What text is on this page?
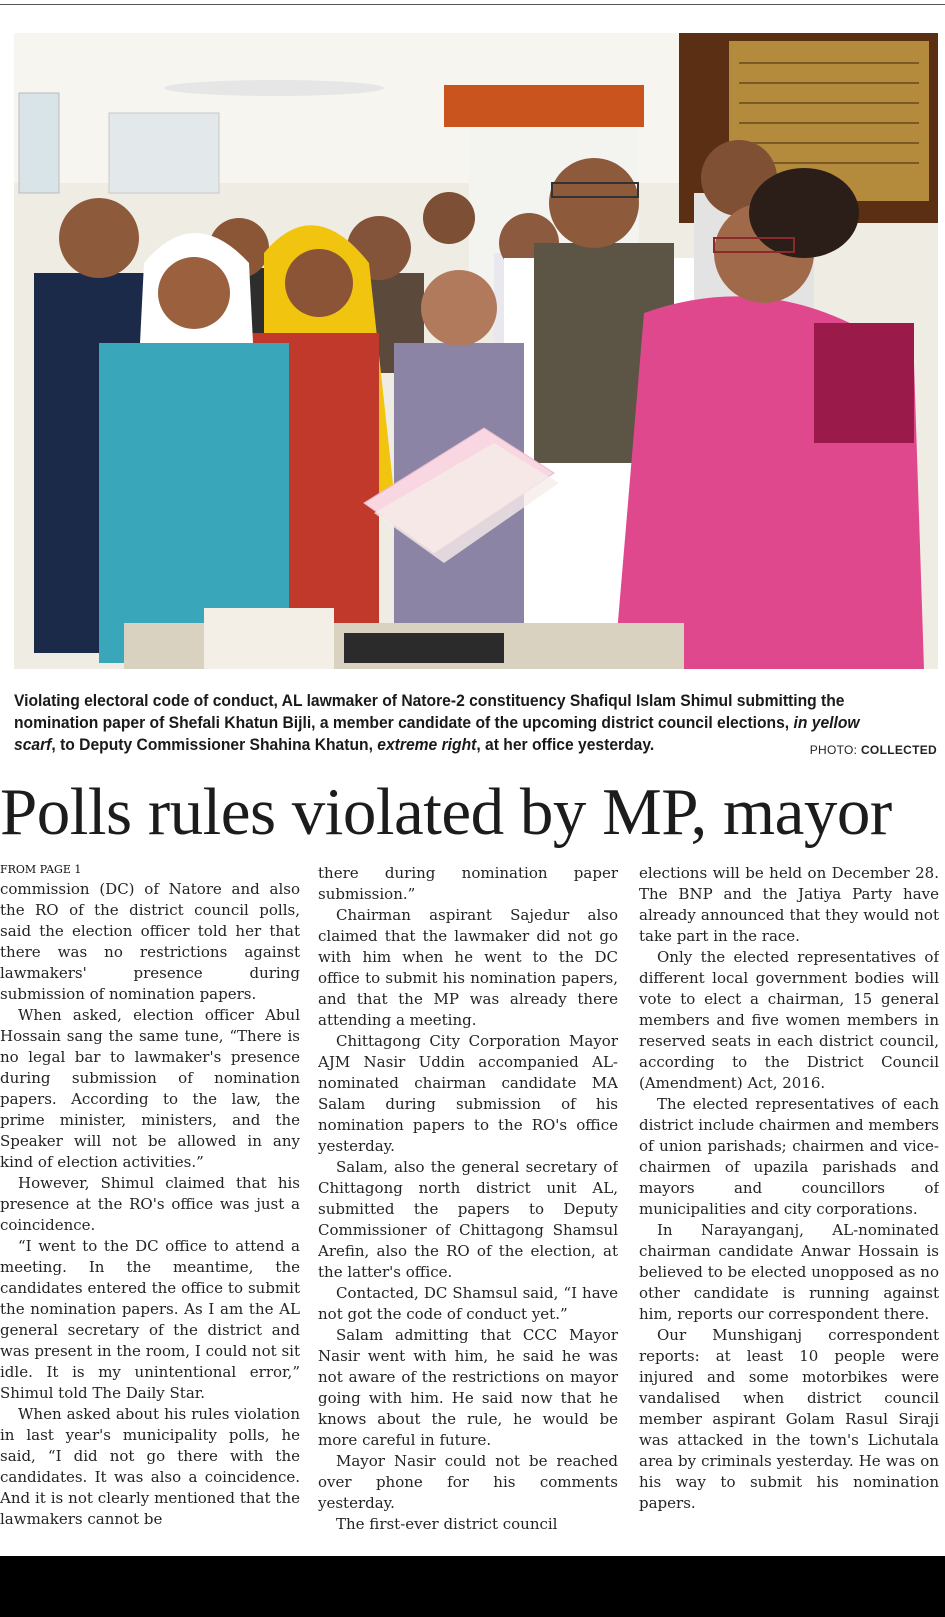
Violating electoral code of conduct, AL lawmaker of Natore-2 constituency Shafiqul Islam Shimul submitting the nomination paper of Shefali Khatun Bijli, a member candidate of the upcoming district council elections, in yellow scarf, to Deputy Commissioner Shahina Khatun, extreme right, at her office yesterday.	PHOTO: COLLECTED
Polls rules violated by MP, mayor
FROM PAGE 1

commission (DC) of Natore and also the RO of the district council polls, said the election officer told her that there was no restrictions against lawmakers' presence during submission of nomination papers.

When asked, election officer Abul Hossain sang the same tune, “There is no legal bar to lawmaker's presence during submission of nomination papers. According to the law, the prime minister, ministers, and the Speaker will not be allowed in any kind of election activities.”

However, Shimul claimed that his presence at the RO's office was just a coincidence.

“I went to the DC office to attend a meeting. In the meantime, the candidates entered the office to submit the nomination papers. As I am the AL general secretary of the district and was present in the room, I could not sit idle. It is my unintentional error,” Shimul told The Daily Star.

When asked about his rules violation in last year's municipality polls, he said, “I did not go there with the candidates. It was also a coincidence. And it is not clearly mentioned that the lawmakers cannot be

there during nomination paper submission.”

Chairman aspirant Sajedur also claimed that the lawmaker did not go with him when he went to the DC office to submit his nomination papers, and that the MP was already there attending a meeting.

Chittagong City Corporation Mayor AJM Nasir Uddin accompanied AL-nominated chairman candidate MA Salam during submission of his nomination papers to the RO's office yesterday.

Salam, also the general secretary of Chittagong north district unit AL, submitted the papers to Deputy Commissioner of Chittagong Shamsul Arefin, also the RO of the election, at the latter's office.

Contacted, DC Shamsul said, “I have not got the code of conduct yet.”

Salam admitting that CCC Mayor Nasir went with him, he said he was not aware of the restrictions on mayor going with him. He said now that he knows about the rule, he would be more careful in future.

Mayor Nasir could not be reached over phone for his comments yesterday.

The first-ever district council

elections will be held on December 28. The BNP and the Jatiya Party have already announced that they would not take part in the race.

Only the elected representatives of different local government bodies will vote to elect a chairman, 15 general members and five women members in reserved seats in each district council, according to the District Council (Amendment) Act, 2016.

The elected representatives of each district include chairmen and members of union parishads; chairmen and vice-chairmen of upazila parishads and mayors and councillors of municipalities and city corporations.

In Narayanganj, AL-nominated chairman candidate Anwar Hossain is believed to be elected unopposed as no other candidate is running against him, reports our correspondent there.

Our Munshiganj correspondent reports: at least 10 people were injured and some motorbikes were vandalised when district council member aspirant Golam Rasul Siraji was attacked in the town's Lichutala area by criminals yesterday. He was on his way to submit his nomination papers.
